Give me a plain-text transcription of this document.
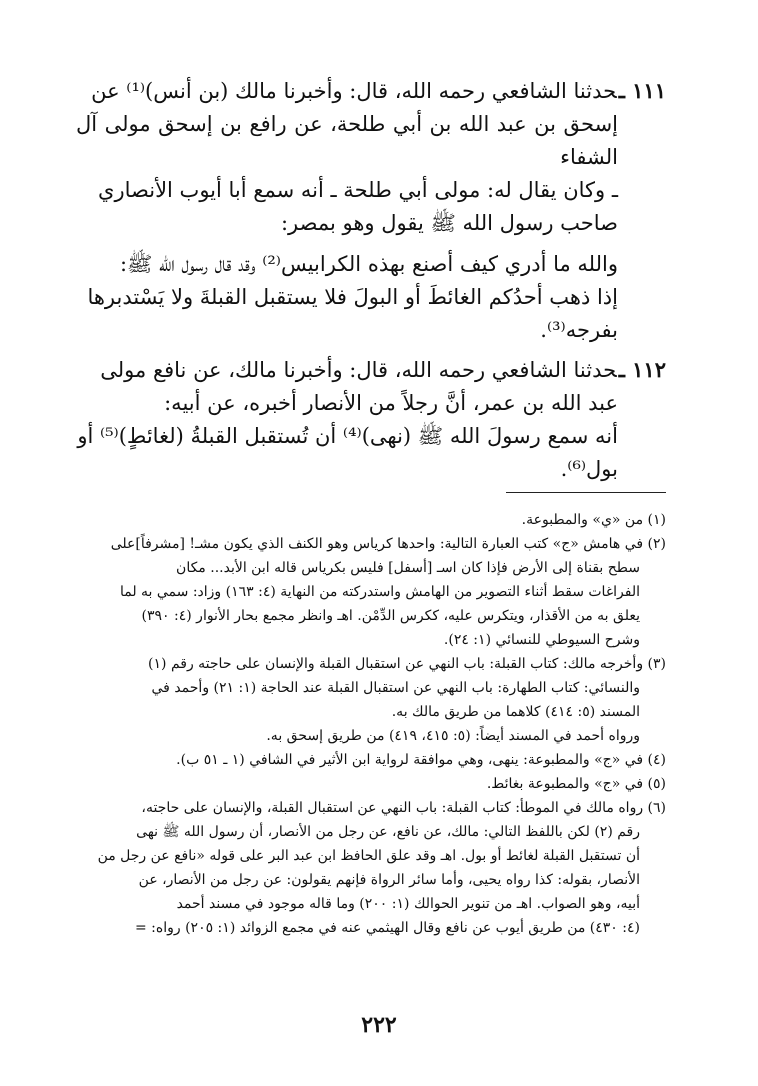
١١١ ـحدثنا الشافعي رحمه الله، قال: وأخبرنا مالك (بن أنس)⁽¹⁾ عن

إسحق بن عبد الله بن أبي طلحة، عن رافع بن إسحق مولى آل الشفاء

ـ وكان يقال له: مولى أبي طلحة ـ أنه سمع أبا أيوب الأنصاري

صاحب رسول الله ﷺ يقول وهو بمصر:

والله ما أدري كيف أصنع بهذه الكرابيس⁽²⁾ وقد قال رسول الله ﷺ:

إذا ذهب أحدُكم الغائطَ أو البولَ فلا يستقبل القبلةَ ولا يَسْتدبرها

بفرجه⁽³⁾.

١١٢ ـحدثنا الشافعي رحمه الله، قال: وأخبرنا مالك، عن نافع مولى

عبد الله بن عمر، أنَّ رجلاً من الأنصار أخبره، عن أبيه:

أنه سمع رسولَ الله ﷺ (نهى)⁽⁴⁾ أن تُستقبل القبلةُ (لغائطٍ)⁽⁵⁾ أو

بول⁽⁶⁾.

(١) من «ي» والمطبوعة.

(٢) في هامش «ج» كتب العبارة التالية: واحدها كرياس وهو الكنف الذي يكون مشـ! [مشرفاً]على

سطح بقناة إلى الأرض فإذا كان اسـ [أسفل] فليس بكرياس قاله ابن الأبد... مكان

الفراغات سقط أثناء التصوير من الهامش واستدركته من النهاية (٤: ١٦٣) وزاد: سمي به لما

يعلق به من الأقذار، ويتكرس عليه، ككرس الدِّمْن. اهـ وانظر مجمع بحار الأنوار (٤: ٣٩٠)

وشرح السيوطي للنسائي (١: ٢٤).

(٣) وأخرجه مالك: كتاب القبلة: باب النهي عن استقبال القبلة والإنسان على حاجته رقم (١)

والنسائي: كتاب الطهارة: باب النهي عن استقبال القبلة عند الحاجة (١: ٢١) وأحمد في

المسند (٥: ٤١٤) كلاهما من طريق مالك به.

ورواه أحمد في المسند أيضاً: (٥: ٤١٥، ٤١٩) من طريق إسحق به.

(٤) في «ج» والمطبوعة: ينهى، وهي موافقة لرواية ابن الأثير في الشافي (١ ـ ٥١ ب).

(٥) في «ج» والمطبوعة بغائط.

(٦) رواه مالك في الموطأ: كتاب القبلة: باب النهي عن استقبال القبلة، والإنسان على حاجته،

رقم (٢) لكن باللفظ التالي: مالك، عن نافع، عن رجل من الأنصار، أن رسول الله ﷺ نهى

أن تستقبل القبلة لغائط أو بول. اهـ وقد علق الحافظ ابن عبد البر على قوله «نافع عن رجل من

الأنصار، بقوله: كذا رواه يحيى، وأما سائر الرواة فإنهم يقولون: عن رجل من الأنصار، عن

أبيه، وهو الصواب. اهـ من تنوير الحوالك (١: ٢٠٠) وما قاله موجود في مسند أحمد

(٤: ٤٣٠) من طريق أيوب عن نافع وقال الهيثمي عنه في مجمع الزوائد (١: ٢٠٥) رواه: =

٢٢٢
